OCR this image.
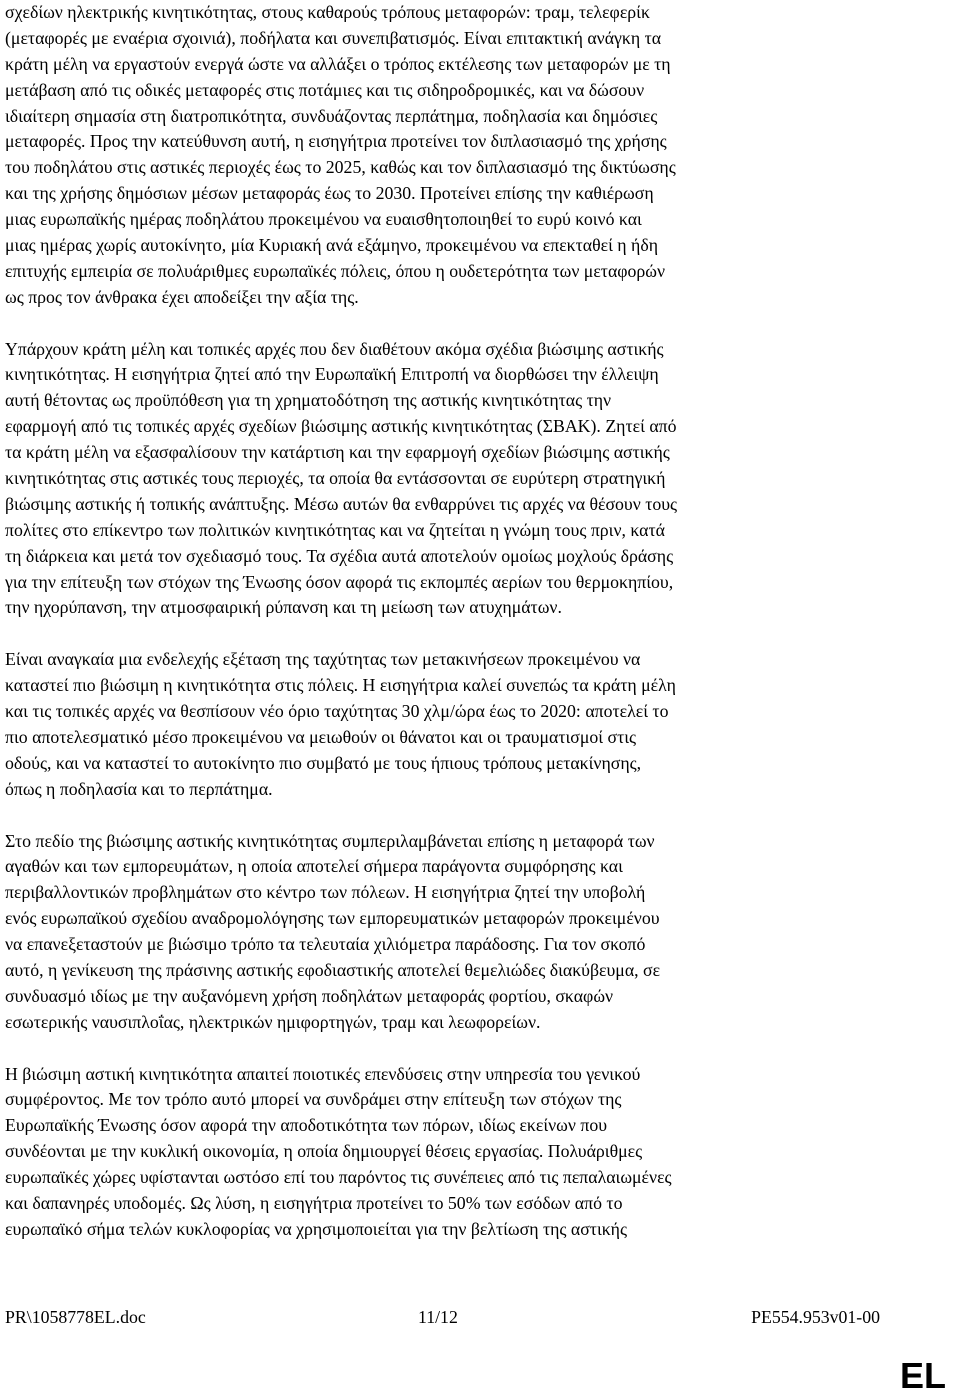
σχεδίων ηλεκτρικής κινητικότητας, στους καθαρούς τρόπους μεταφορών: τραμ, τελεφερίκ
(μεταφορές με εναέρια σχοινιά), ποδήλατα και συνεπιβατισμός. Είναι επιτακτική ανάγκη τα
κράτη μέλη να εργαστούν ενεργά ώστε να αλλάξει ο τρόπος εκτέλεσης των μεταφορών με τη
μετάβαση από τις οδικές μεταφορές στις ποτάμιες και τις σιδηροδρομικές, και να δώσουν
ιδιαίτερη σημασία στη διατροπικότητα, συνδυάζοντας περπάτημα, ποδηλασία και δημόσιες
μεταφορές. Προς την κατεύθυνση αυτή, η εισηγήτρια προτείνει τον διπλασιασμό της χρήσης
του ποδηλάτου στις αστικές περιοχές έως το 2025, καθώς και τον διπλασιασμό της δικτύωσης
και της χρήσης δημόσιων μέσων μεταφοράς έως το 2030. Προτείνει επίσης την καθιέρωση
μιας ευρωπαϊκής ημέρας ποδηλάτου προκειμένου να ευαισθητοποιηθεί το ευρύ κοινό και
μιας ημέρας χωρίς αυτοκίνητο, μία Κυριακή ανά εξάμηνο, προκειμένου να επεκταθεί η ήδη
επιτυχής εμπειρία σε πολυάριθμες ευρωπαϊκές πόλεις, όπου η ουδετερότητα των μεταφορών
ως προς τον άνθρακα έχει αποδείξει την αξία της.
Υπάρχουν κράτη μέλη και τοπικές αρχές που δεν διαθέτουν ακόμα σχέδια βιώσιμης αστικής
κινητικότητας. Η εισηγήτρια ζητεί από την Ευρωπαϊκή Επιτροπή να διορθώσει την έλλειψη
αυτή θέτοντας ως προϋπόθεση για τη χρηματοδότηση της αστικής κινητικότητας την
εφαρμογή από τις τοπικές αρχές σχεδίων βιώσιμης αστικής κινητικότητας (ΣΒΑΚ). Ζητεί από
τα κράτη μέλη να εξασφαλίσουν την κατάρτιση και την εφαρμογή σχεδίων βιώσιμης αστικής
κινητικότητας στις αστικές τους περιοχές, τα οποία θα εντάσσονται σε ευρύτερη στρατηγική
βιώσιμης αστικής ή τοπικής ανάπτυξης. Μέσω αυτών θα ενθαρρύνει τις αρχές να θέσουν τους
πολίτες στο επίκεντρο των πολιτικών κινητικότητας και να ζητείται η γνώμη τους πριν, κατά
τη διάρκεια και μετά τον σχεδιασμό τους. Τα σχέδια αυτά αποτελούν ομοίως μοχλούς δράσης
για την επίτευξη των στόχων της Ένωσης όσον αφορά τις εκπομπές αερίων του θερμοκηπίου,
την ηχορύπανση, την ατμοσφαιρική ρύπανση και τη μείωση των ατυχημάτων.
Είναι αναγκαία μια ενδελεχής εξέταση της ταχύτητας των μετακινήσεων προκειμένου να
καταστεί πιο βιώσιμη η κινητικότητα στις πόλεις. Η εισηγήτρια καλεί συνεπώς τα κράτη μέλη
και τις τοπικές αρχές να θεσπίσουν νέο όριο ταχύτητας 30 χλμ/ώρα έως το 2020: αποτελεί το
πιο αποτελεσματικό μέσο προκειμένου να μειωθούν οι θάνατοι και οι τραυματισμοί στις
οδούς, και να καταστεί το αυτοκίνητο πιο συμβατό με τους ήπιους τρόπους μετακίνησης,
όπως η ποδηλασία και το περπάτημα.
Στο πεδίο της βιώσιμης αστικής κινητικότητας συμπεριλαμβάνεται επίσης η μεταφορά των
αγαθών και των εμπορευμάτων, η οποία αποτελεί σήμερα παράγοντα συμφόρησης και
περιβαλλοντικών προβλημάτων στο κέντρο των πόλεων. Η εισηγήτρια ζητεί την υποβολή
ενός ευρωπαϊκού σχεδίου αναδρομολόγησης των εμπορευματικών μεταφορών προκειμένου
να επανεξεταστούν με βιώσιμο τρόπο τα τελευταία χιλιόμετρα παράδοσης. Για τον σκοπό
αυτό, η γενίκευση της πράσινης αστικής εφοδιαστικής αποτελεί θεμελιώδες διακύβευμα, σε
συνδυασμό ιδίως με την αυξανόμενη χρήση ποδηλάτων μεταφοράς φορτίου, σκαφών
εσωτερικής ναυσιπλοΐας, ηλεκτρικών ημιφορτηγών, τραμ και λεωφορείων.
Η βιώσιμη αστική κινητικότητα απαιτεί ποιοτικές επενδύσεις στην υπηρεσία του γενικού
συμφέροντος. Με τον τρόπο αυτό μπορεί να συνδράμει στην επίτευξη των στόχων της
Ευρωπαϊκής Ένωσης όσον αφορά την αποδοτικότητα των πόρων, ιδίως εκείνων που
συνδέονται με την κυκλική οικονομία, η οποία δημιουργεί θέσεις εργασίας. Πολυάριθμες
ευρωπαϊκές χώρες υφίστανται ωστόσο επί του παρόντος τις συνέπειες από τις πεπαλαιωμένες
και δαπανηρές υποδομές. Ως λύση, η εισηγήτρια προτείνει το 50% των εσόδων από το
ευρωπαϊκό σήμα τελών κυκλοφορίας να χρησιμοποιείται για την βελτίωση της αστικής
PR\1058778EL.doc	11/12	PE554.953v01-00
EL
